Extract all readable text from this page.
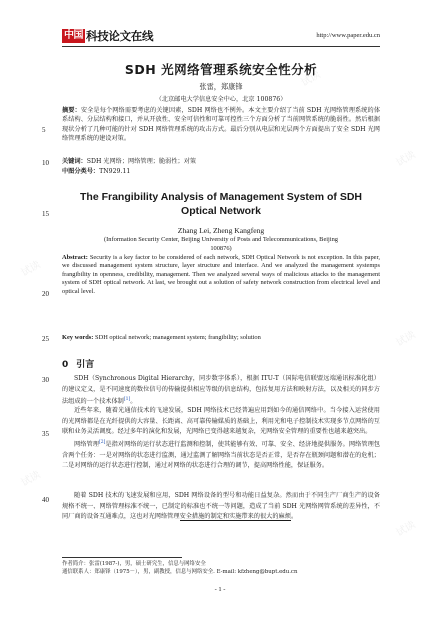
中国 科技论文在线	http://www.paper.edu.cn
5
10
15
20
25
30
35
40
SDH 光网络管理系统安全性分析
张雷，郑康锋
（北京邮电大学信息安全中心，北京 100876）
摘要：安全是每个网络需要考虑的关键因素，SDH 网络也不例外。本文主要介绍了当前 SDH 光网络管理系统的体系结构、分层结构和接口，并从开放性、安全可信性和可靠可控性三个方面分析了当前网管系统的脆弱性。然后根据现状分析了几种可能的针对 SDH 网络管理系统的攻击方式。最后分别从电层和光层两个方面提出了安全 SDH 光网络管理系统的建设对策。
关键词：SDH 光网络；网络管理；脆弱性；对策
中图分类号：TN929.11
The Frangibility Analysis of Management System of SDH
Optical Network
Zhang Lei, Zheng Kangfeng
(Information Security Center, Beijing University of Posts and Telecommunications, Beijing
100876)
Abstract: Security is a key factor to be considered of each network, SDH Optical Network is not exception. In this paper, we discussed management system structure, layer structure and interface. And we analyzed the management systemps frangibility in openness, credibility, management. Then we analyzed several ways of malicious attacks to the management system of SDH optical network. At last, we brought out a solution of safety network construction from electrical level and optical level.
Key words: SDH optical network; management system; frangibility; solution
0 引言
SDH（Synchronous Digital Hierarchy，同步数字体系），根据 ITU-T（国际电信联盟远端通讯标准化组）的建议定义，是不同速度的数位信号的传输提供相应等级的信息结构，包括复用方法和映射方法，以及相关的同步方法组成的一个技术体制[1]。
近些年来，随着光通信技术的飞速发展，SDH 网络技术已经普遍应用到如今的通信网络中。当今接入运营使用的光网络都是在光纤提供的大容量、长距离、高可靠传输媒质的基础上，利用光和电子控制技术实现多节点网络的互联和业务灵活调度。经过多年的演化和发展，光网络已变得越来越复杂，光网络安全管理的重要性也越来越突出。
网络管理[2]是指对网络的运行状态进行监测和控制，使其能够有效、可靠、安全、经济地提供服务。网络管理包含两个任务：一是对网络的状态进行监测，通过监测了解网络当前状态是否正常，是否存在瓶颈问题和潜在的危机；二是对网络的运行状态进行控制，通过对网络的状态进行合理的调节，提高网络性能，保证服务。
随着 SDH 技术的飞速发展和应用，SDH 网络设备的型号和功能日益复杂。然而由于不同生产厂商生产的设备规格不统一、网络管理标准不统一，已制定的标准也不统一等问题，造成了当前 SDH 光网络网管系统的差异性，不同厂商的设备互通难点，这也对光网络管理安全措施的制定和实施带来的很大的麻烦。
作者简介：张雷(1987-)，男，硕士研究生，信息与网络安全
通信联系人：郑康锋（1975－），男，副教授，信息与网络安全. E-mail: kfzheng@bupt.edu.cn
- 1 -
试读
试读
试读
试读
试读
试读
